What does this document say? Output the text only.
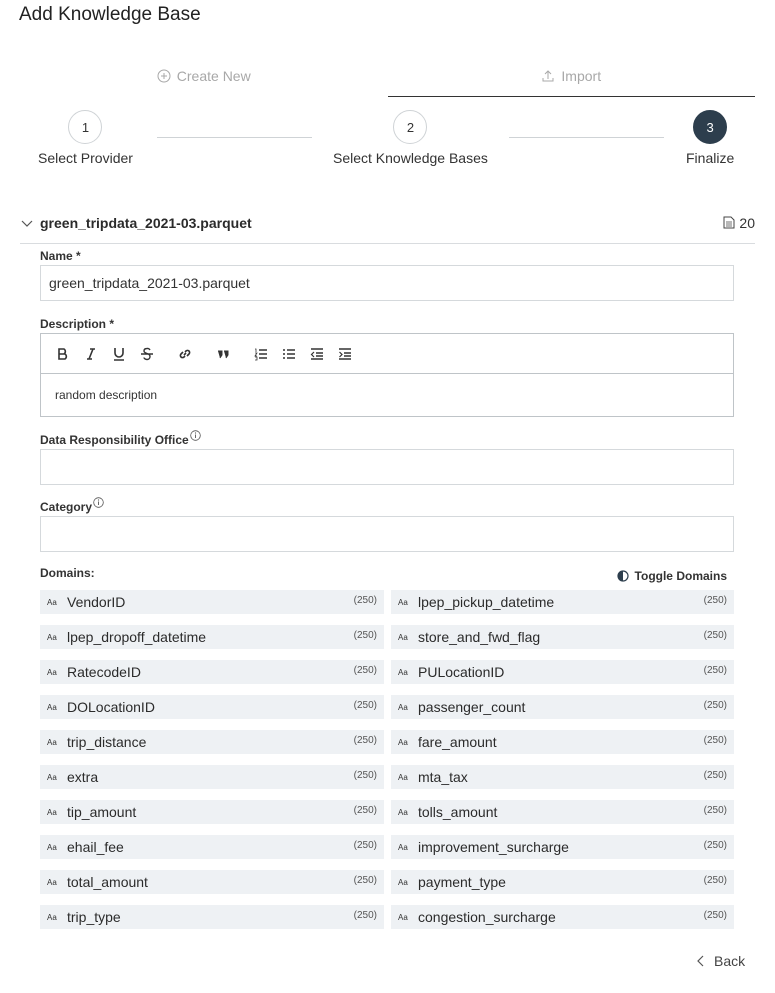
Add Knowledge Base
Create New	Import
1
Select Provider
2
Select Knowledge Bases
3
Finalize
green_tripdata_2021-03.parquet	20
Name *
green_tripdata_2021-03.parquet
Description *
random description
Data Responsibility Office
Category
Domains:	Toggle Domains
Aa VendorID	(250)	Aa lpep_pickup_datetime	(250)
Aa lpep_dropoff_datetime	(250)	Aa store_and_fwd_flag	(250)
Aa RatecodeID	(250)	Aa PULocationID	(250)
Aa DOLocationID	(250)	Aa passenger_count	(250)
Aa trip_distance	(250)	Aa fare_amount	(250)
Aa extra	(250)	Aa mta_tax	(250)
Aa tip_amount	(250)	Aa tolls_amount	(250)
Aa ehail_fee	(250)	Aa improvement_surcharge	(250)
Aa total_amount	(250)	Aa payment_type	(250)
Aa trip_type	(250)	Aa congestion_surcharge	(250)
Back
